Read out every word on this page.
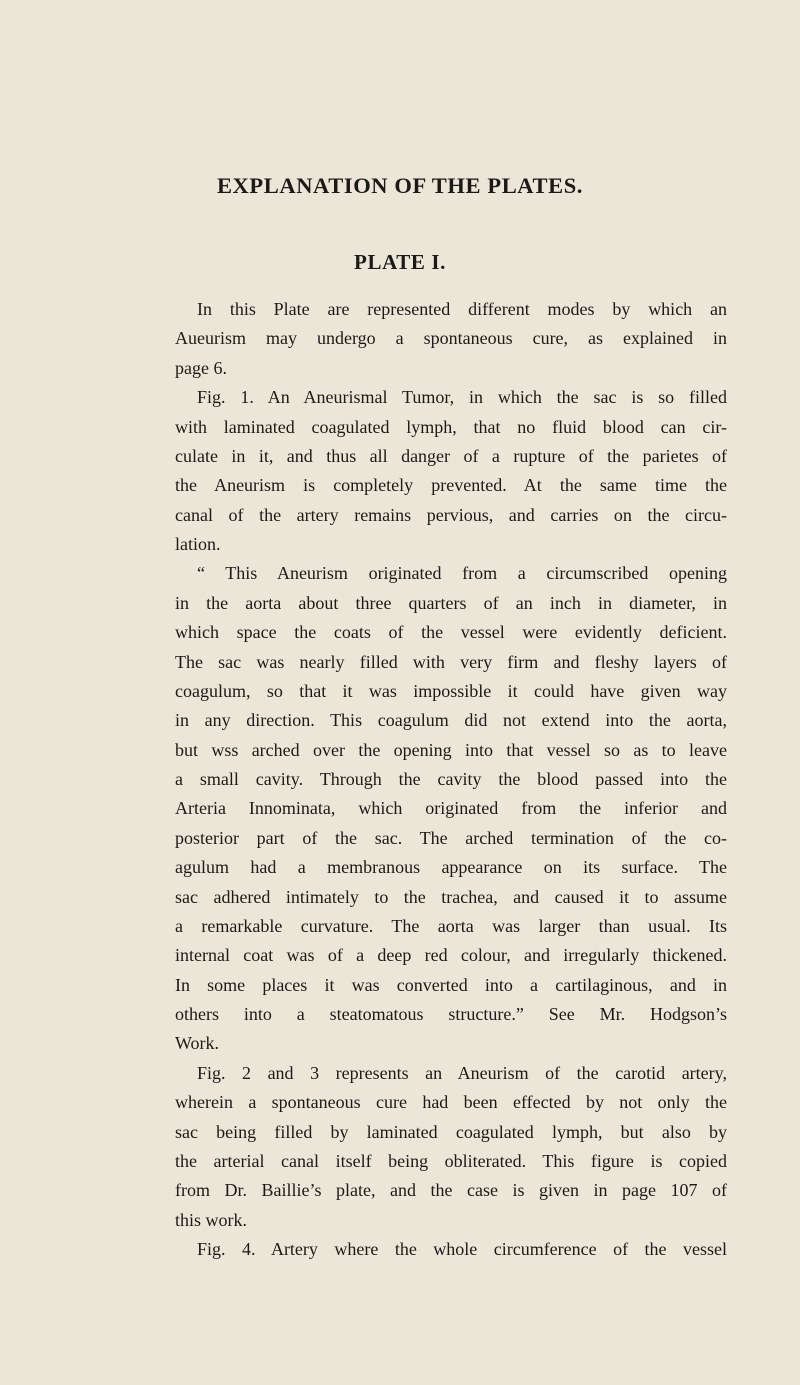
EXPLANATION OF THE PLATES.
PLATE I.
In this Plate are represented different modes by which an
Aueurism may undergo a spontaneous cure, as explained in
page 6.
Fig. 1. An Aneurismal Tumor, in which the sac is so filled
with laminated coagulated lymph, that no fluid blood can cir-
culate in it, and thus all danger of a rupture of the parietes of
the Aneurism is completely prevented. At the same time the
canal of the artery remains pervious, and carries on the circu-
lation.
“ This Aneurism originated from a circumscribed opening
in the aorta about three quarters of an inch in diameter, in
which space the coats of the vessel were evidently deficient.
The sac was nearly filled with very firm and fleshy layers of
coagulum, so that it was impossible it could have given way
in any direction. This coagulum did not extend into the aorta,
but wss arched over the opening into that vessel so as to leave
a small cavity. Through the cavity the blood passed into the
Arteria Innominata, which originated from the inferior and
posterior part of the sac. The arched termination of the co-
agulum had a membranous appearance on its surface. The
sac adhered intimately to the trachea, and caused it to assume
a remarkable curvature. The aorta was larger than usual. Its
internal coat was of a deep red colour, and irregularly thickened.
In some places it was converted into a cartilaginous, and in
others into a steatomatous structure.” See Mr. Hodgson’s
Work.
Fig. 2 and 3 represents an Aneurism of the carotid artery,
wherein a spontaneous cure had been effected by not only the
sac being filled by laminated coagulated lymph, but also by
the arterial canal itself being obliterated. This figure is copied
from Dr. Baillie’s plate, and the case is given in page 107 of
this work.
Fig. 4. Artery where the whole circumference of the vessel
